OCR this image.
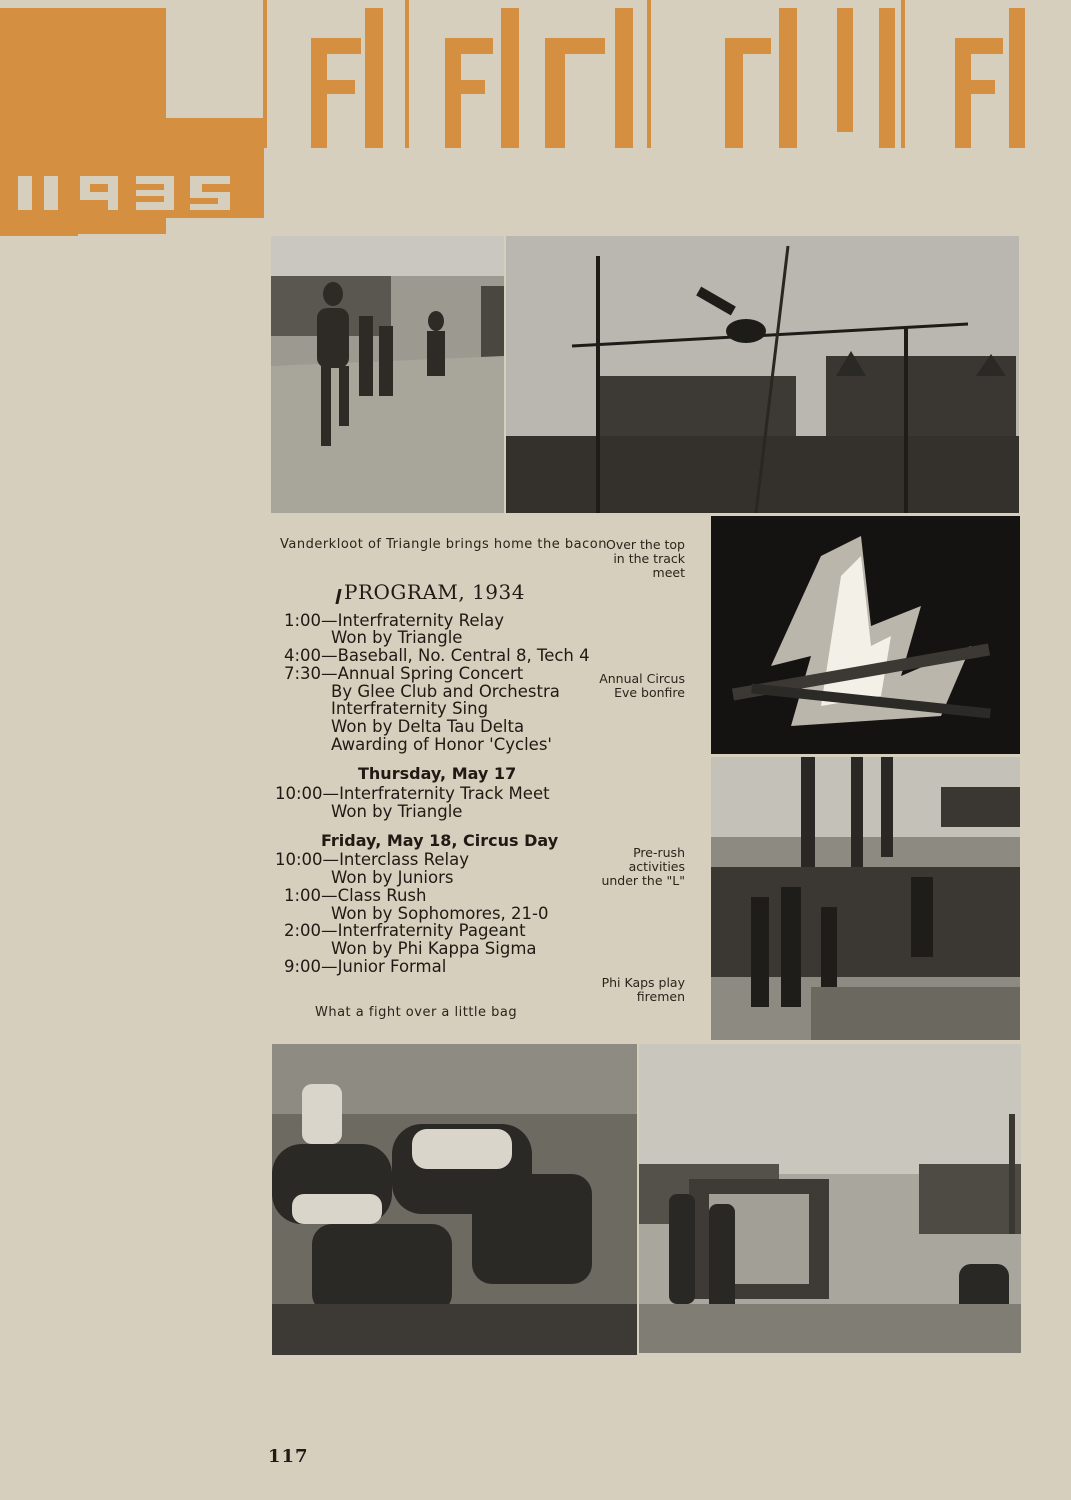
Vanderkloot of Triangle brings home the bacon Over the top in the track meet
Annual Circus Eve bonfire
Pre-rush activities under the "L"
Phi Kaps play firemen
What a fight over a little bag
PROGRAM, 1934
1:00—Interfraternity Relay
Won by Triangle
4:00—Baseball, No. Central 8, Tech 4
7:30—Annual Spring Concert
By Glee Club and Orchestra
Interfraternity Sing
Won by Delta Tau Delta
Awarding of Honor 'Cycles'
Thursday, May 17
10:00—Interfraternity Track Meet
Won by Triangle
Friday, May 18, Circus Day
10:00—Interclass Relay
Won by Juniors
1:00—Class Rush
Won by Sophomores, 21-0
2:00—Interfraternity Pageant
Won by Phi Kappa Sigma
9:00—Junior Formal
117
